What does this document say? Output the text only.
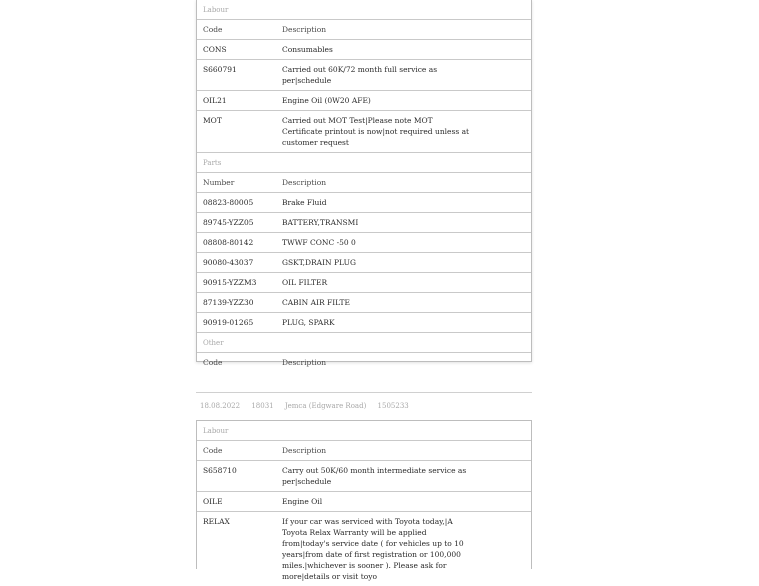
Labour
Code	Description
CONS	Consumables
S660791	Carried out 60K/72 month full service as per|schedule
OIL21	Engine Oil (0W20 AFE)
MOT	Carried out MOT Test|Please note MOT Certificate printout is now|not required unless at customer request
Parts
Number	Description
08823-80005	Brake Fluid
89745-YZZ05	BATTERY,TRANSMI
08808-80142	TWWF CONC -50 0
90080-43037	GSKT,DRAIN PLUG
90915-YZZM3	OIL FILTER
87139-YZZ30	CABIN AIR FILTE
90919-01265	PLUG, SPARK
Other
Code	Description
18.08.2022 18031 Jemca (Edgware Road) 1505233
Labour
Code	Description
S658710	Carry out 50K/60 month intermediate service as per|schedule
OILE	Engine Oil
RELAX	If your car was serviced with Toyota today,|A Toyota Relax Warranty will be applied from|today's service date ( for vehicles up to 10 years|from date of first registration or 100,000 miles.|whichever is sooner ). Please ask for more|details or visit toyo
